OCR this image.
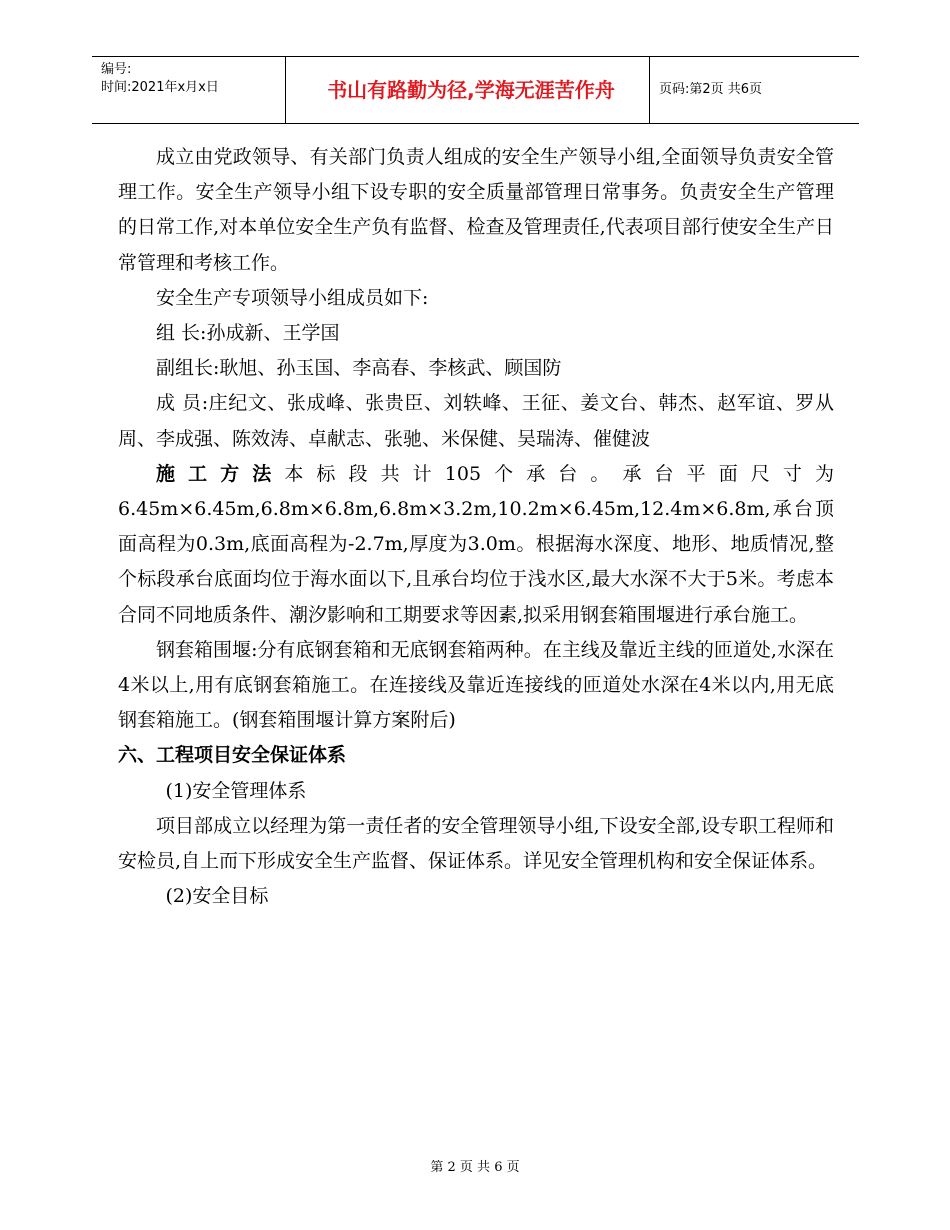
编号:
时间:2021年x月x日	书山有路勤为径,学海无涯苦作舟	页码:第2页 共6页

成立由党政领导、有关部门负责人组成的安全生产领导小组,全面领导负责安全管理工作。安全生产领导小组下设专职的安全质量部管理日常事务。负责安全生产管理的日常工作,对本单位安全生产负有监督、检查及管理责任,代表项目部行使安全生产日常管理和考核工作。

安全生产专项领导小组成员如下:

组 长:孙成新、王学国

副组长:耿旭、孙玉国、李高春、李核武、顾国防

成 员:庄纪文、张成峰、张贵臣、刘轶峰、王征、姜文台、韩杰、赵军谊、罗从周、李成强、陈效涛、卓献志、张驰、米保健、吴瑞涛、催健波

施工方法本标段共计105个承台。承台平面尺寸为6.45m×6.45m,6.8m×6.8m,6.8m×3.2m,10.2m×6.45m,12.4m×6.8m,承台顶面高程为0.3m,底面高程为-2.7m,厚度为3.0m。根据海水深度、地形、地质情况,整个标段承台底面均位于海水面以下,且承台均位于浅水区,最大水深不大于5米。考虑本合同不同地质条件、潮汐影响和工期要求等因素,拟采用钢套箱围堰进行承台施工。

钢套箱围堰:分有底钢套箱和无底钢套箱两种。在主线及靠近主线的匝道处,水深在4米以上,用有底钢套箱施工。在连接线及靠近连接线的匝道处水深在4米以内,用无底钢套箱施工。(钢套箱围堰计算方案附后)

六、工程项目安全保证体系

(1)安全管理体系

项目部成立以经理为第一责任者的安全管理领导小组,下设安全部,设专职工程师和安检员,自上而下形成安全生产监督、保证体系。详见安全管理机构和安全保证体系。

(2)安全目标

第 2 页 共 6 页
